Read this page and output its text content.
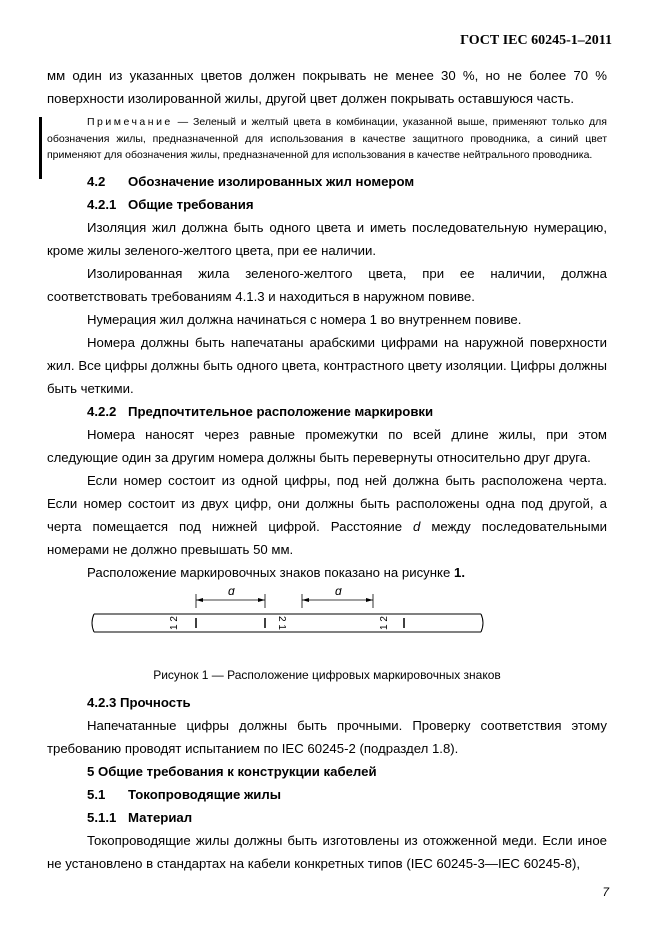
ГОСТ IEC 60245-1–2011

мм один из указанных цветов должен покрывать не менее 30 %, но не более 70 % поверхности изолированной жилы, другой цвет должен покрывать оставшуюся часть.

Примечание — Зеленый и желтый цвета в комбинации, указанной выше, применяют только для обозначения жилы, предназначенной для использования в качестве защитного проводника, а синий цвет применяют для обозначения жилы, предназначенной для использования в качестве нейтрального проводника.

4.2	Обозначение изолированных жил номером
4.2.1 Общие требования

Изоляция жил должна быть одного цвета и иметь последовательную нумерацию, кроме жилы зеленого-желтого цвета, при ее наличии.

Изолированная жила зеленого-желтого цвета, при ее наличии, должна соответствовать требованиям 4.1.3 и находиться в наружном повиве.

Нумерация жил должна начинаться с номера 1 во внутреннем повиве.

Номера должны быть напечатаны арабскими цифрами на наружной поверхности жил. Все цифры должны быть одного цвета, контрастного цвету изоляции. Цифры должны быть четкими.

4.2.2 Предпочтительное расположение маркировки

Номера наносят через равные промежутки по всей длине жилы, при этом следующие один за другим номера должны быть перевернуты относительно друг друга.

Если номер состоит из одной цифры, под ней должна быть расположена черта. Если номер состоит из двух цифр, они должны быть расположены одна под другой, а черта помещается под нижней цифрой. Расстояние d между последовательными номерами не должно превышать 50 мм.

Расположение маркировочных знаков показано на рисунке 1.

d	d
1 2	2 1	1 2
Рисунок 1 — Расположение цифровых маркировочных знаков
4.2.3 Прочность

Напечатанные цифры должны быть прочными. Проверку соответствия этому требованию проводят испытанием по IEC 60245-2 (подраздел 1.8).

5 Общие требования к конструкции кабелей
5.1	Токопроводящие жилы
5.1.1 Материал

Токопроводящие жилы должны быть изготовлены из отожженной меди. Если иное не установлено в стандартах на кабели конкретных типов (IEC 60245-3—IEC 60245-8),

7
